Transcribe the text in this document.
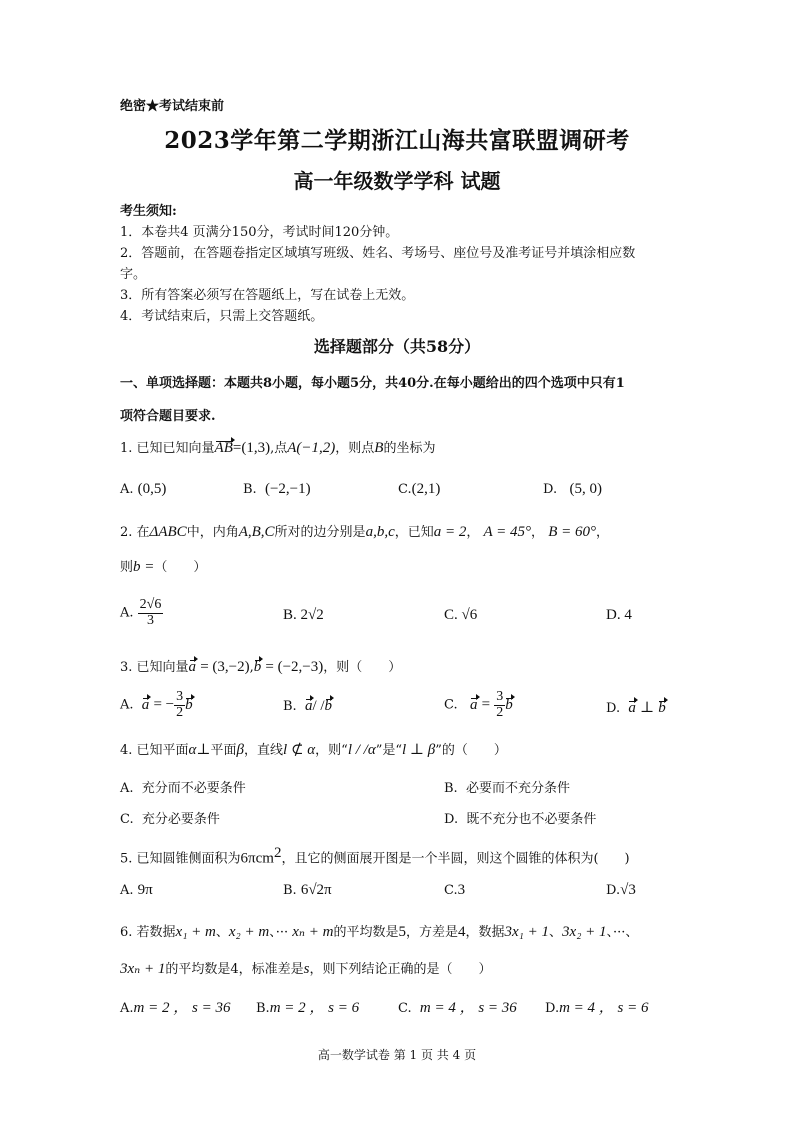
绝密★考试结束前
2023学年第二学期浙江山海共富联盟调研考
高一年级数学学科 试题
考生须知:
1．本卷共4 页满分150分，考试时间120分钟。
2．答题前，在答题卷指定区域填写班级、姓名、考场号、座位号及准考证号并填涂相应数
字。
3．所有答案必须写在答题纸上，写在试卷上无效。
4．考试结束后，只需上交答题纸。
选择题部分（共58分）
一、单项选择题：本题共8小题，每小题5分，共40分.在每小题给出的四个选项中只有1
项符合题目要求.
1. 已知已知向量AB=(1,3),点A(−1,2)，则点B的坐标为
A. (0,5)	B. (−2,−1)	C.(2,1)	D. (5, 0)
2. 在ΔABC中，内角A,B,C所对的边分别是a,b,c，已知a = 2， A = 45°， B = 60°，
则b =（　　）
A. $\frac{2√6}{3}$	B. 2√2	C. √6	D. 4
3. 已知向量a = (3,−2),b = (−2,−3)，则（　　）
A. a = − $\frac{3}{2}$ b	B. a/ /b	C. $a = \frac{3}{2}$ b	D. a ⊥ b
4. 已知平面α⊥平面β，直线l ⊄ α，则“l / /α”是“l ⊥ β”的（　　）
A. 充分而不必要条件	B. 必要而不充分条件
C. 充分必要条件	D. 既不充分也不必要条件
5. 已知圆锥侧面积为6πcm$^2$，且它的侧面展开图是一个半圆，则这个圆锥的体积为(　　)
A. 9π	B. 6√2π	C.3	D.√3
6. 若数据x₁ + m、x₂ + m、··· xₙ + m的平均数是5，方差是4，数据3x₁ + 1、3x₂ + 1、···、
3xₙ + 1的平均数是4，标准差是s，则下列结论正确的是（　　）
A.m = 2 ， s = 36 B.m = 2 ， s = 6	C. m = 4 ， s = 36 D.m = 4 ， s = 6
高一数学试卷 第 1 页 共 4 页
